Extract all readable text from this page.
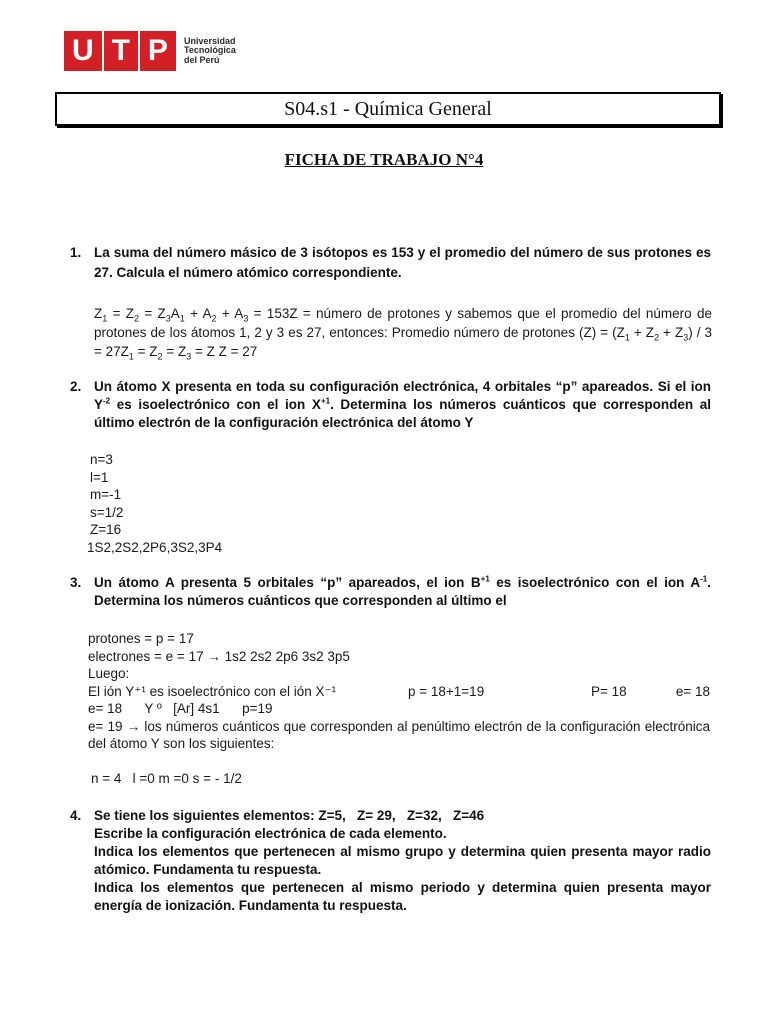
U T P Universidad
Tecnológica
del Perú
S04.s1 - Química General
FICHA DE TRABAJO N°4
1. La suma del número másico de 3 isótopos es 153 y el promedio del número de sus protones es 27. Calcula el número atómico correspondiente.
$Z_1 = Z_2 = Z_3A_1 + A_2 + A_3 = 153Z$ = número de protones y sabemos que el promedio del número de protones de los átomos 1, 2 y 3 es 27, entonces: Promedio número de protones $(Z) = (Z_1 + Z_2 + Z_3) / 3 = 27Z_1 = Z_2 = Z_3 = Z$ Z = 27
2. Un átomo X presenta en toda su configuración electrónica, 4 orbitales “p” apareados. Si el ion $Y^{-2}$ es isoelectrónico con el ion $X^{+1}$. Determina los números cuánticos que corresponden al último electrón de la configuración electrónica del átomo Y
n=3
l=1
m=-1
s=1/2
Z=16
1S2,2S2,2P6,3S2,3P4
3. Un átomo A presenta 5 orbitales “p” apareados, el ion $B^{+1}$ es isoelectrónico con el ion $A^{-1}$. Determina los números cuánticos que corresponden al último el
protones = p = 17
electrones = e = 17 → 1s2 2s2 2p6 3s2 3p5
Luego:
El ión Y⁺¹ es isoelectrónico con el ión X⁻¹	p = 18+1=19	P= 18	e= 18
e= 18      Y º   [Ar] 4s1      p=19
e= 19 → los números cuánticos que corresponden al penúltimo electrón de la configuración electrónica del átomo Y son los siguientes:
n = 4   l =0 m =0 s = - 1/2
4. Se tiene los siguientes elementos: Z=5,   Z= 29,   Z=32,   Z=46
Escribe la configuración electrónica de cada elemento.
Indica los elementos que pertenecen al mismo grupo y determina quien presenta mayor radio atómico. Fundamenta tu respuesta.
Indica los elementos que pertenecen al mismo periodo y determina quien presenta mayor energía de ionización. Fundamenta tu respuesta.
